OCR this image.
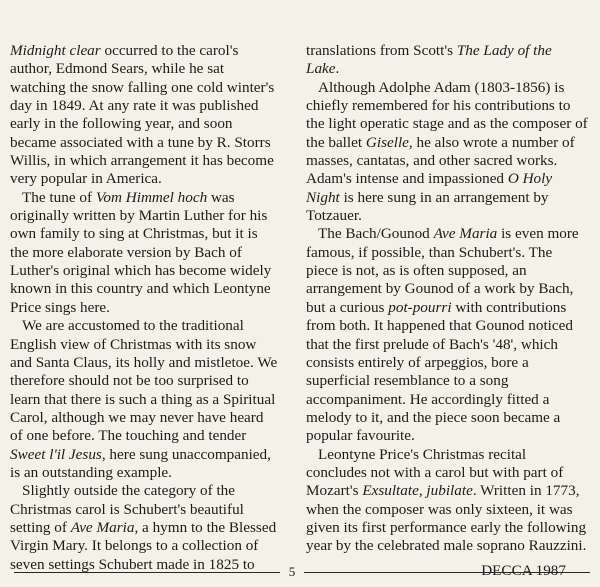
Midnight clear occurred to the carol's author, Edmond Sears, while he sat watching the snow falling one cold winter's day in 1849. At any rate it was published early in the following year, and soon became associated with a tune by R. Storrs Willis, in which arrangement it has become very popular in America.

The tune of Vom Himmel hoch was originally written by Martin Luther for his own family to sing at Christmas, but it is the more elaborate version by Bach of Luther's original which has become widely known in this country and which Leontyne Price sings here.

We are accustomed to the traditional English view of Christmas with its snow and Santa Claus, its holly and mistletoe. We therefore should not be too surprised to learn that there is such a thing as a Spiritual Carol, although we may never have heard of one before. The touching and tender Sweet l'il Jesus, here sung unaccompanied, is an outstanding example.

Slightly outside the category of the Christmas carol is Schubert's beautiful setting of Ave Maria, a hymn to the Blessed Virgin Mary. It belongs to a collection of seven settings Schubert made in 1825 to

translations from Scott's The Lady of the Lake.

Although Adolphe Adam (1803-1856) is chiefly remembered for his contributions to the light operatic stage and as the composer of the ballet Giselle, he also wrote a number of masses, cantatas, and other sacred works. Adam's intense and impassioned O Holy Night is here sung in an arrangement by Totzauer.

The Bach/Gounod Ave Maria is even more famous, if possible, than Schubert's. The piece is not, as is often supposed, an arrangement by Gounod of a work by Bach, but a curious pot-pourri with contributions from both. It happened that Gounod noticed that the first prelude of Bach's '48', which consists entirely of arpeggios, bore a superficial resemblance to a song accompaniment. He accordingly fitted a melody to it, and the piece soon became a popular favourite.

Leontyne Price's Christmas recital concludes not with a carol but with part of Mozart's Exsultate, jubilate. Written in 1773, when the composer was only sixteen, it was given its first performance early the following year by the celebrated male soprano Rauzzini.

DECCA 1987
5
